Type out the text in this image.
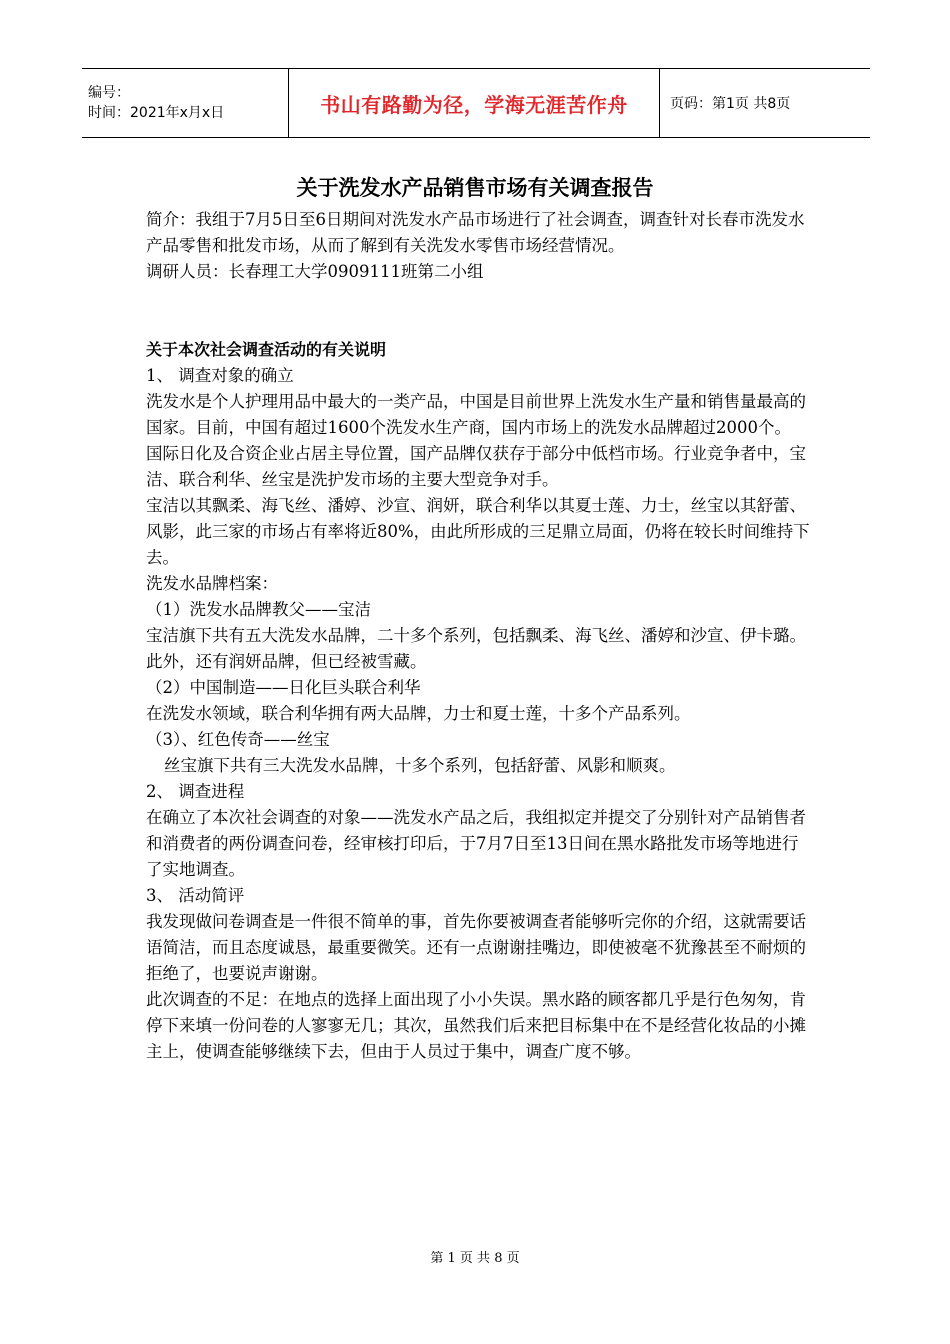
编号：
时间：2021年x月x日	书山有路勤为径，学海无涯苦作舟	页码：第1页 共8页
关于洗发水产品销售市场有关调查报告

简介：我组于7月5日至6日期间对洗发水产品市场进行了社会调查，调查针对长春市洗发水产品零售和批发市场，从而了解到有关洗发水零售市场经营情况。

调研人员：长春理工大学0909111班第二小组

关于本次社会调查活动的有关说明

1、 调查对象的确立

洗发水是个人护理用品中最大的一类产品，中国是目前世界上洗发水生产量和销售量最高的国家。目前，中国有超过1600个洗发水生产商，国内市场上的洗发水品牌超过2000个。

国际日化及合资企业占居主导位置，国产品牌仅获存于部分中低档市场。行业竞争者中，宝洁、联合利华、丝宝是洗护发市场的主要大型竞争对手。

宝洁以其飘柔、海飞丝、潘婷、沙宣、润妍，联合利华以其夏士莲、力士，丝宝以其舒蕾、风影，此三家的市场占有率将近80%，由此所形成的三足鼎立局面，仍将在较长时间维持下去。

洗发水品牌档案：

（1）洗发水品牌教父——宝洁

宝洁旗下共有五大洗发水品牌，二十多个系列，包括飘柔、海飞丝、潘婷和沙宣、伊卡璐。此外，还有润妍品牌，但已经被雪藏。

（2）中国制造——日化巨头联合利华

在洗发水领域，联合利华拥有两大品牌，力士和夏士莲，十多个产品系列。

（3）、红色传奇——丝宝

丝宝旗下共有三大洗发水品牌，十多个系列，包括舒蕾、风影和顺爽。

2、 调查进程

在确立了本次社会调查的对象——洗发水产品之后，我组拟定并提交了分别针对产品销售者和消费者的两份调查问卷，经审核打印后，于7月7日至13日间在黑水路批发市场等地进行了实地调查。

3、 活动简评

我发现做问卷调查是一件很不简单的事，首先你要被调查者能够听完你的介绍，这就需要话语简洁，而且态度诚恳，最重要微笑。还有一点谢谢挂嘴边，即使被毫不犹豫甚至不耐烦的拒绝了，也要说声谢谢。

此次调查的不足：在地点的选择上面出现了小小失误。黑水路的顾客都几乎是行色匆匆，肯停下来填一份问卷的人寥寥无几；其次，虽然我们后来把目标集中在不是经营化妆品的小摊主上，使调查能够继续下去，但由于人员过于集中，调查广度不够。

第 1 页 共 8 页
